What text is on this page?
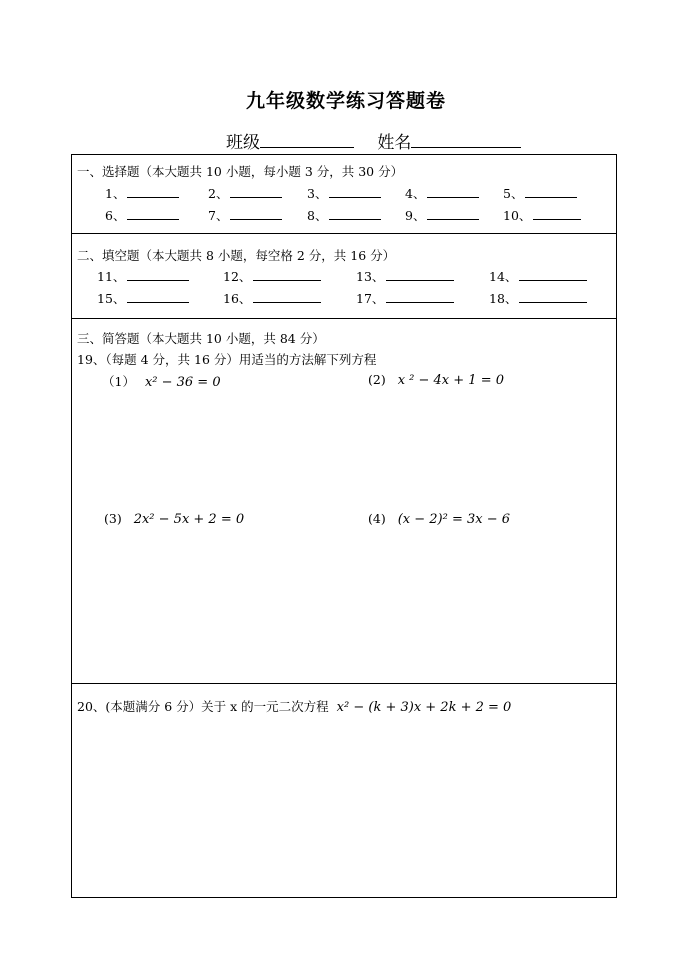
九年级数学练习答题卷
班级	姓名
一、选择题（本大题共 10 小题，每小题 3 分，共 30 分）
1、	2、	3、	4、	5、
6、	7、	8、	9、	10、
二、填空题（本大题共 8 小题，每空格 2 分，共 16 分）
11、	12、	13、	14、
15、	16、	17、	18、
三、简答题（本大题共 10 小题，共 84 分）
19、（每题 4 分，共 16 分）用适当的方法解下列方程
（1） x² − 36 = 0	(2) x ² − 4x + 1 = 0
(3) 2x² − 5x + 2 = 0	(4) (x − 2)² = 3x − 6
20、(本题满分 6 分）关于 x 的一元二次方程 x² − (k + 3)x + 2k + 2 = 0
